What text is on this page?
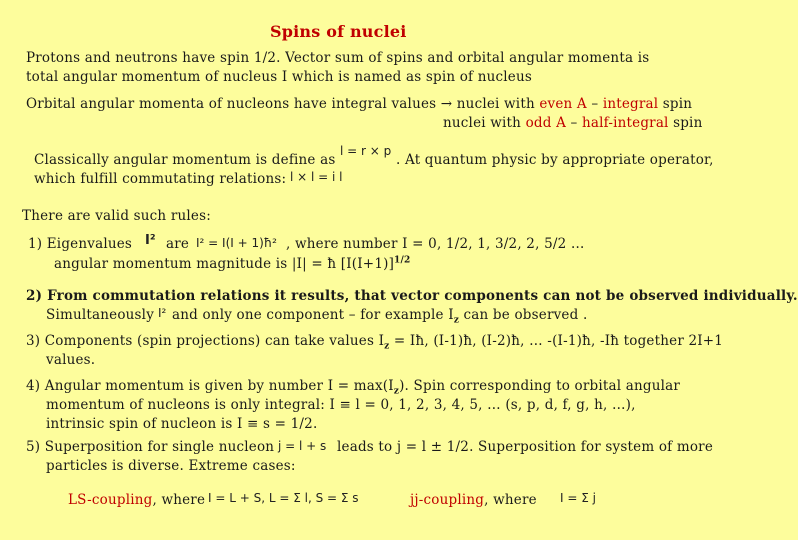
Spins of nuclei
Protons and neutrons have spin 1/2. Vector sum of spins and orbital angular momenta is
total angular momentum of nucleus I which is named as spin of nucleus
Orbital angular momenta of nucleons have integral values → nuclei with even A – integral spin
nuclei with odd A – half-integral spin
Classically angular momentum is define as
l = r × p
. At quantum physic by appropriate operator,
which fulfill commutating relations: l × l = i l
There are valid such rules:
1) Eigenvalues I² are I² = I(I + 1)ħ² , where number I = 0, 1/2, 1, 3/2, 2, 5/2 …
angular momentum magnitude is |I| = ħ $[I(I+1)]^{1/2}$
2) From commutation relations it results, that vector components can not be observed individually.
Simultaneously I² and only one component – for example $I_z$ can be observed .
3) Components (spin projections) can take values $I_z$ = Iħ, (I-1)ħ, (I-2)ħ, … -(I-1)ħ, -Iħ together 2I+1
values.
4) Angular momentum is given by number $I = \max(I_z)$. Spin corresponding to orbital angular
momentum of nucleons is only integral: I ≡ l = 0, 1, 2, 3, 4, 5, … (s, p, d, f, g, h, …),
intrinsic spin of nucleon is I ≡ s = 1/2.
5) Superposition for single nucleon j = l + s leads to j = l ± 1/2. Superposition for system of more
particles is diverse. Extreme cases:
LS-coupling, where I = L + S, L = Σ l, S = Σ s	jj-coupling, where I = Σ j
